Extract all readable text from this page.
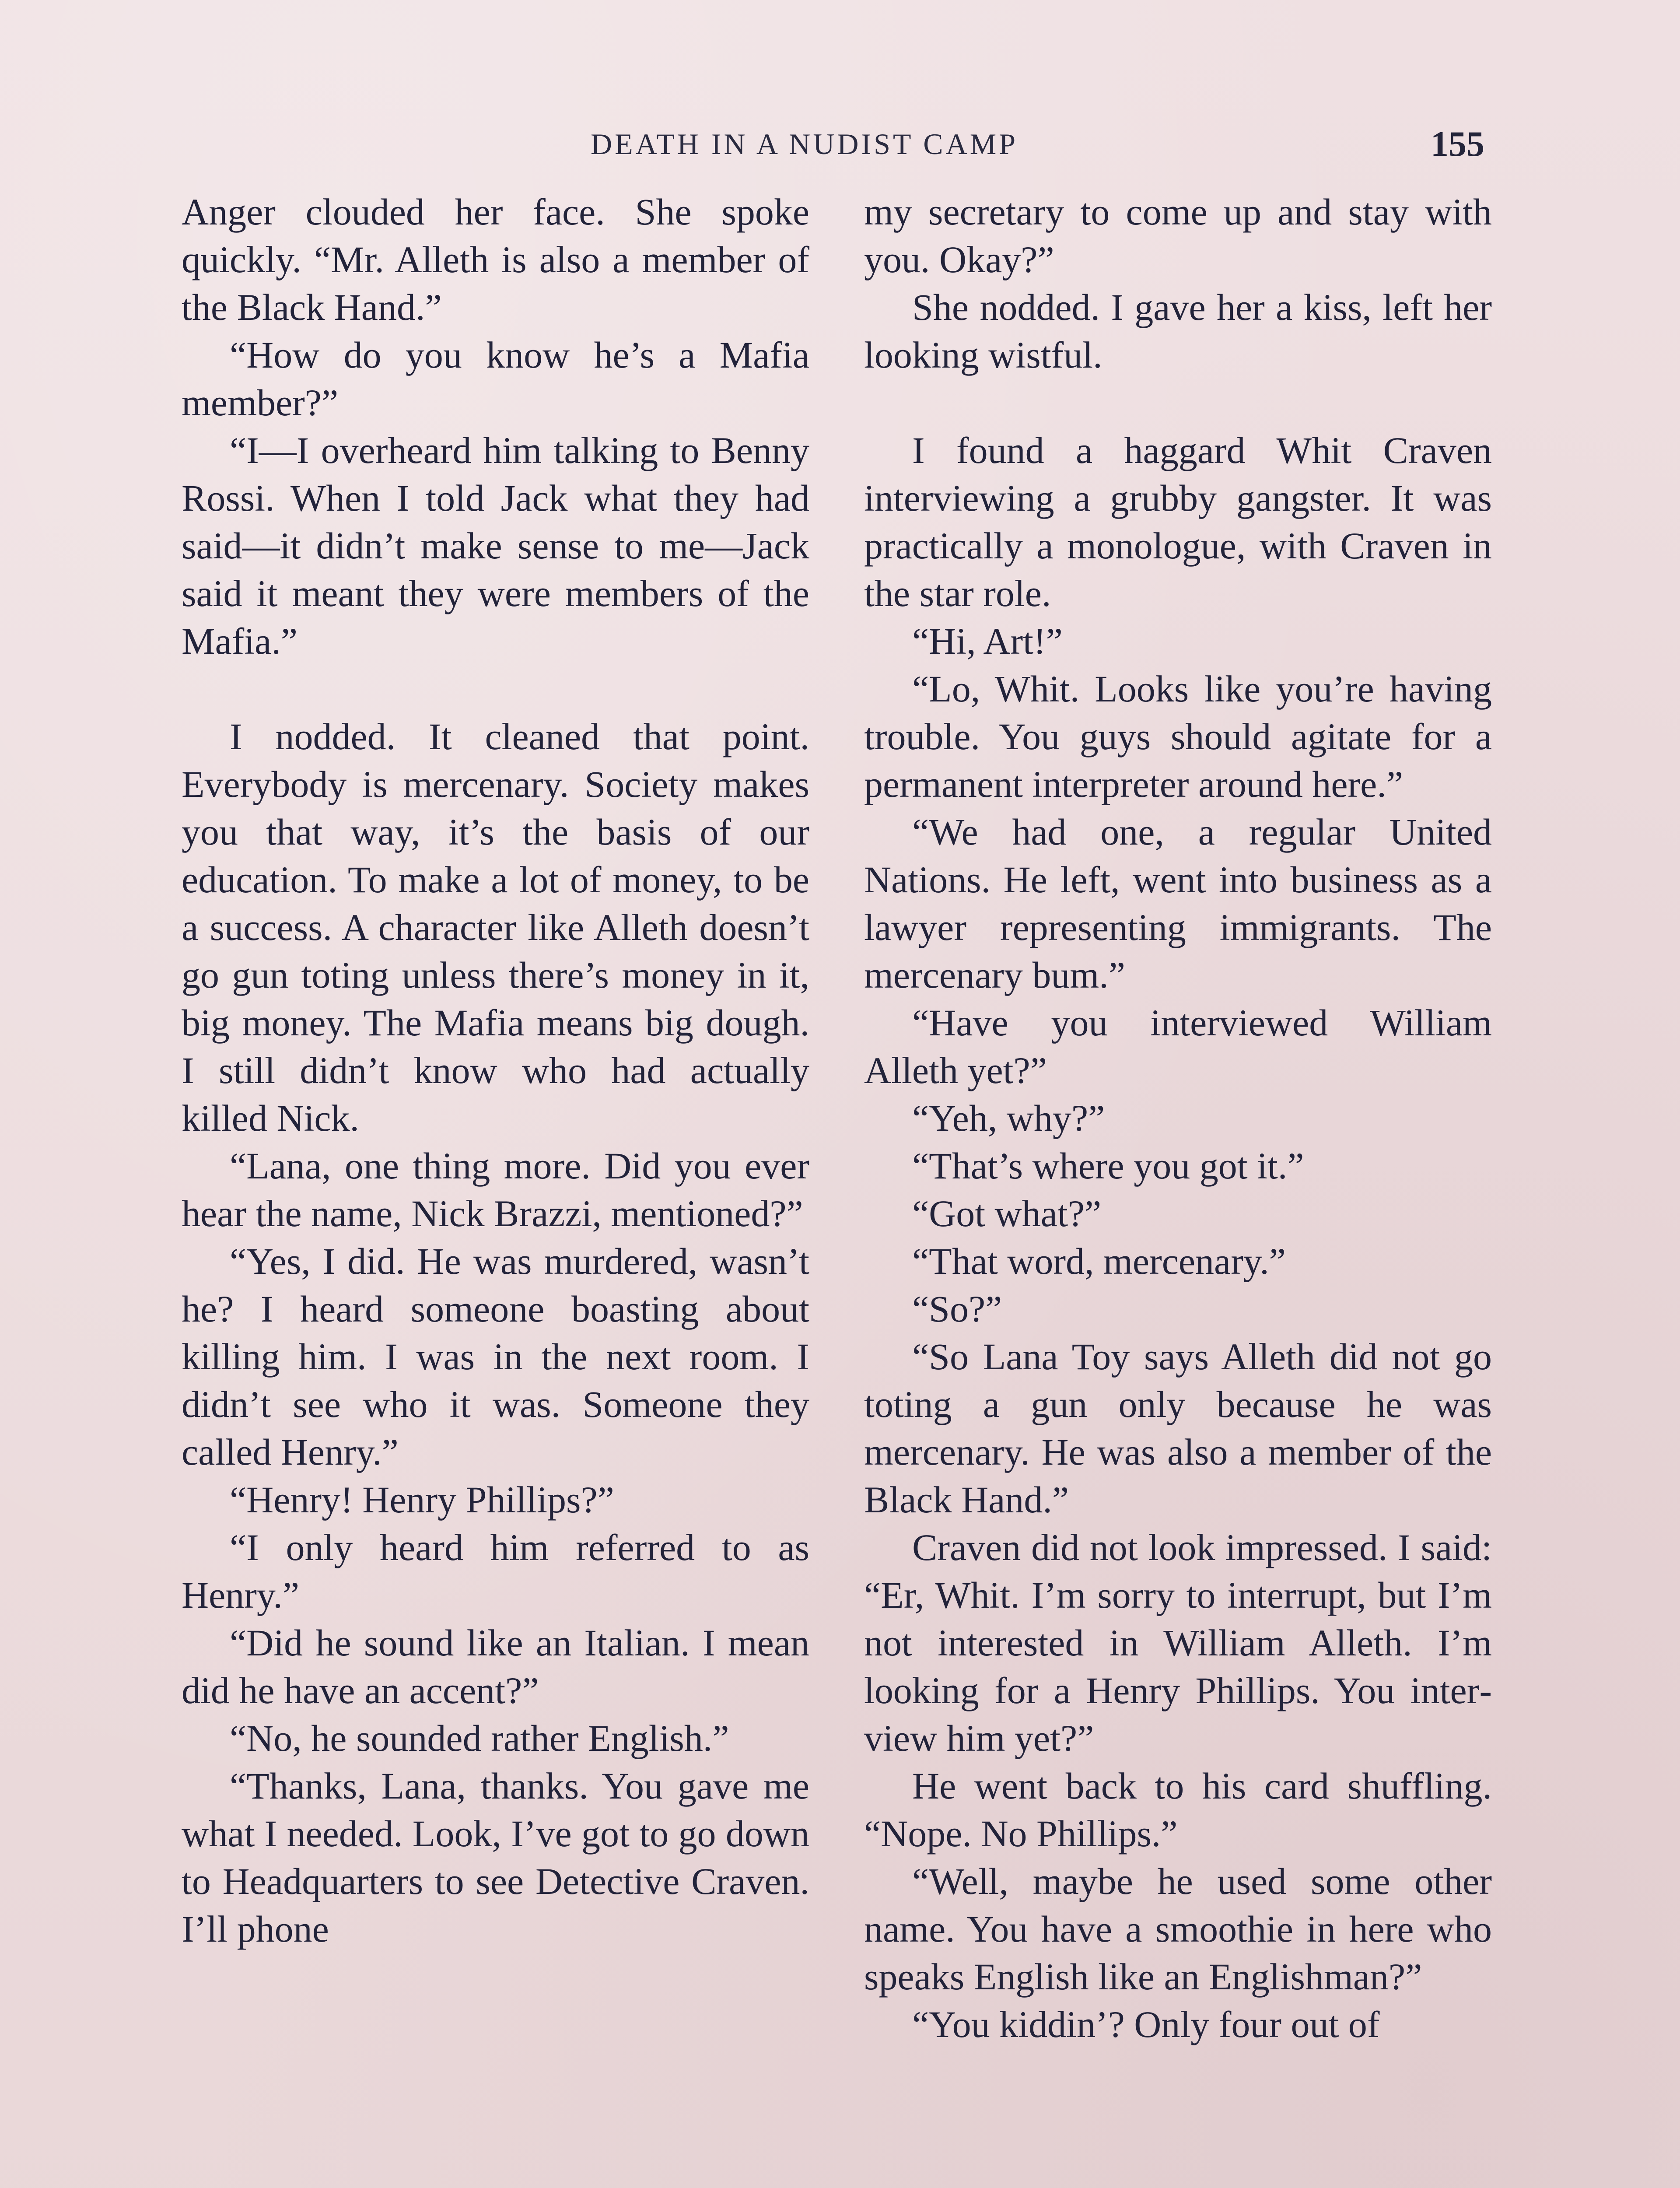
DEATH IN A NUDIST CAMP	155

Anger clouded her face. She spoke quickly. “Mr. Alleth is also a member of the Black Hand.”

“How do you know he’s a Mafia member?”

“I—I overheard him talking to Benny Rossi. When I told Jack what they had said—it didn’t make sense to me—Jack said it meant they were members of the Mafia.”

I nodded. It cleaned that point. Everybody is mercenary. Society makes you that way, it’s the basis of our education. To make a lot of money, to be a success. A character like Alleth doesn’t go gun toting unless there’s money in it, big money. The Mafia means big dough. I still didn’t know who had actually killed Nick.

“Lana, one thing more. Did you ever hear the name, Nick Brazzi, mentioned?”

“Yes, I did. He was murdered, wasn’t he? I heard someone boasting about killing him. I was in the next room. I didn’t see who it was. Someone they called Henry.”

“Henry! Henry Phillips?”

“I only heard him referred to as Henry.”

“Did he sound like an Italian. I mean did he have an accent?”

“No, he sounded rather English.”

“Thanks, Lana, thanks. You gave me what I needed. Look, I’ve got to go down to Headquarters to see Detective Craven. I’ll phone

my secretary to come up and stay with you. Okay?”

She nodded. I gave her a kiss, left her looking wistful.

I found a haggard Whit Craven interviewing a grubby gangster. It was practically a monologue, with Craven in the star role.

“Hi, Art!”

“Lo, Whit. Looks like you’re having trouble. You guys should agitate for a permanent interpreter around here.”

“We had one, a regular United Nations. He left, went into business as a lawyer representing immigrants. The mercenary bum.”

“Have you interviewed William Alleth yet?”

“Yeh, why?”

“That’s where you got it.”

“Got what?”

“That word, mercenary.”

“So?”

“So Lana Toy says Alleth did not go toting a gun only because he was mercenary. He was also a member of the Black Hand.”

Craven did not look impressed. I said: “Er, Whit. I’m sorry to interrupt, but I’m not interested in William Alleth. I’m looking for a Henry Phillips. You interview him yet?”

He went back to his card shuffling. “Nope. No Phillips.”

“Well, maybe he used some other name. You have a smoothie in here who speaks English like an Englishman?”

“You kiddin’? Only four out of
